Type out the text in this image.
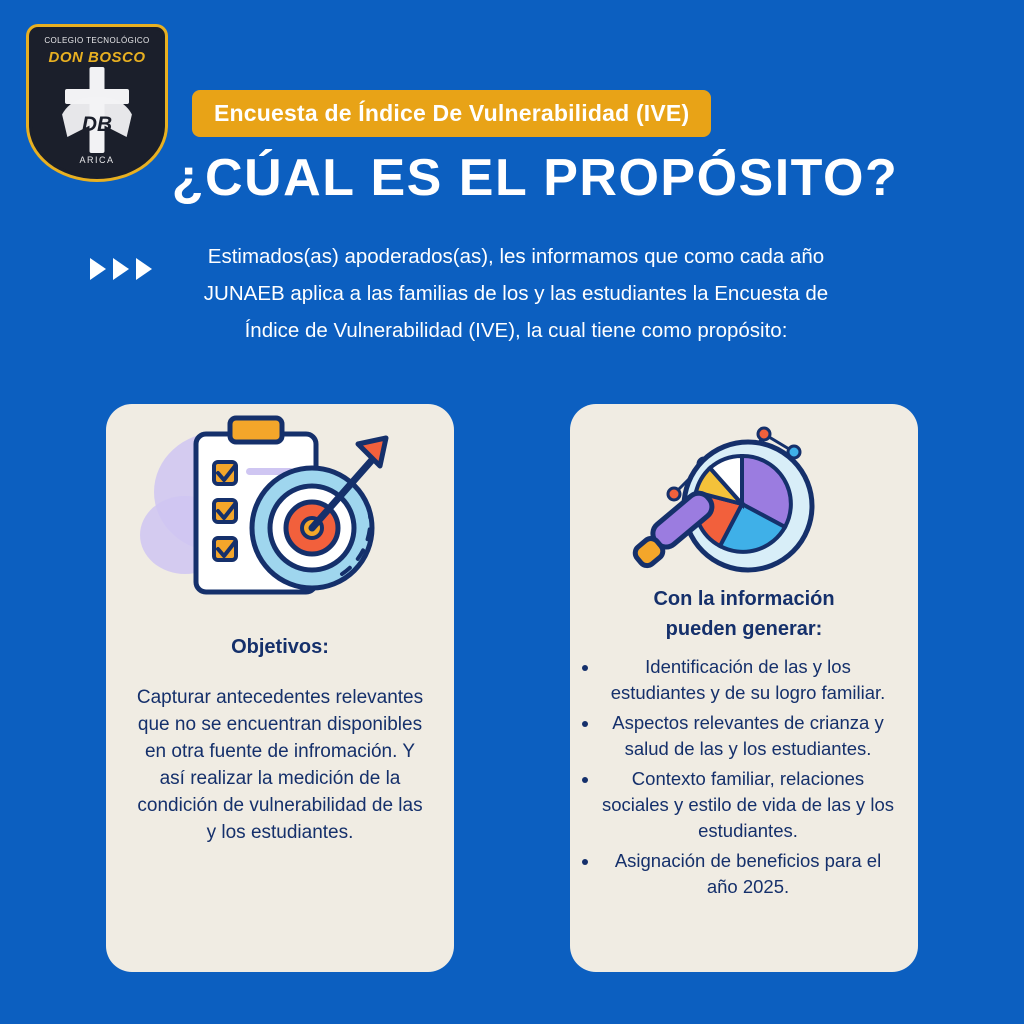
COLEGIO TECNOLÓGICO
DON BOSCO
DB
ARICA
Encuesta de Índice De Vulnerabilidad (IVE)
¿CÚAL ES EL PROPÓSITO?
Estimados(as) apoderados(as), les informamos que como cada año JUNAEB aplica a las familias de los y las estudiantes la Encuesta de Índice de Vulnerabilidad (IVE), la cual tiene como propósito:
Objetivos:
Capturar antecedentes relevantes que no se encuentran disponibles en otra fuente de infromación. Y así realizar la medición de la condición de vulnerabilidad de las y los estudiantes.
Con la información
pueden generar:
• Identificación de las y los estudiantes y de su logro familiar.
• Aspectos relevantes de crianza y salud de las y los estudiantes.
• Contexto familiar, relaciones sociales y estilo de vida de las y los estudiantes.
• Asignación de beneficios para el año 2025.
